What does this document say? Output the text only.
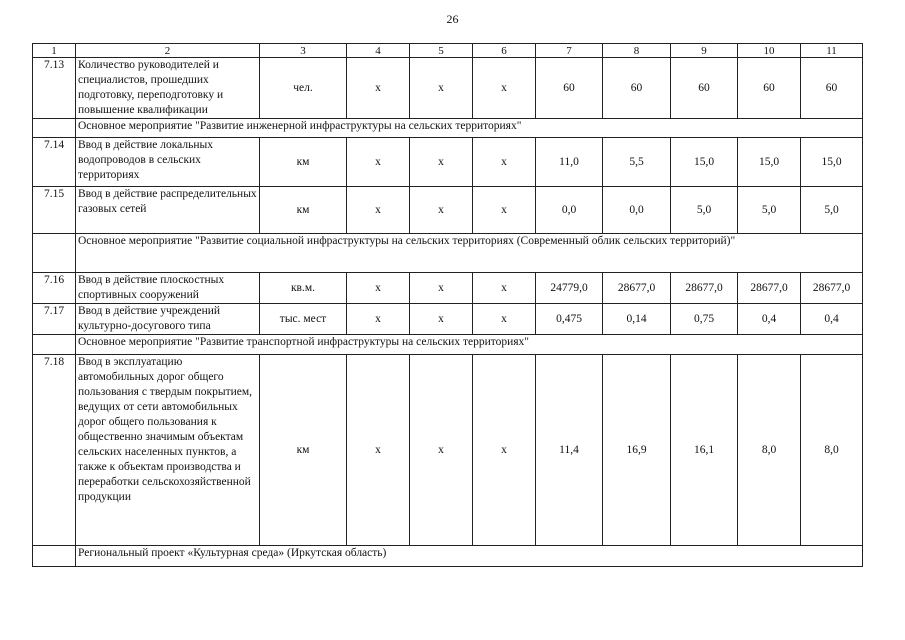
26
1	2	3	4	5	6	7	8	9	10	11
7.13	Количество руководителей и специалистов, прошедших подготовку, переподготовку и повышение квалификации	чел.	x	x	x	60	60	60	60	60
	Основное мероприятие "Развитие инженерной инфраструктуры на сельских территориях"									
7.14	Ввод в действие локальных водопроводов в сельских территориях	км	x	x	x	11,0	5,5	15,0	15,0	15,0
7.15	Ввод в действие распределительных газовых сетей	км	x	x	x	0,0	0,0	5,0	5,0	5,0
	Основное мероприятие "Развитие социальной инфраструктуры на сельских территориях (Современный облик сельских территорий)"									
7.16	Ввод в действие плоскостных спортивных сооружений	кв.м.	x	x	x	24779,0	28677,0	28677,0	28677,0	28677,0
7.17	Ввод в действие учреждений культурно-досугового типа	тыс. мест	x	x	x	0,475	0,14	0,75	0,4	0,4
	Основное мероприятие "Развитие транспортной инфраструктуры на сельских территориях"									
7.18	Ввод в эксплуатацию автомобильных дорог общего пользования с твердым покрытием, ведущих от сети автомобильных дорог общего пользования к общественно значимым объектам сельских населенных пунктов, а также к объектам производства и переработки сельскохозяйственной продукции	км	x	x	x	11,4	16,9	16,1	8,0	8,0
	Региональный проект «Культурная среда» (Иркутская область)									
